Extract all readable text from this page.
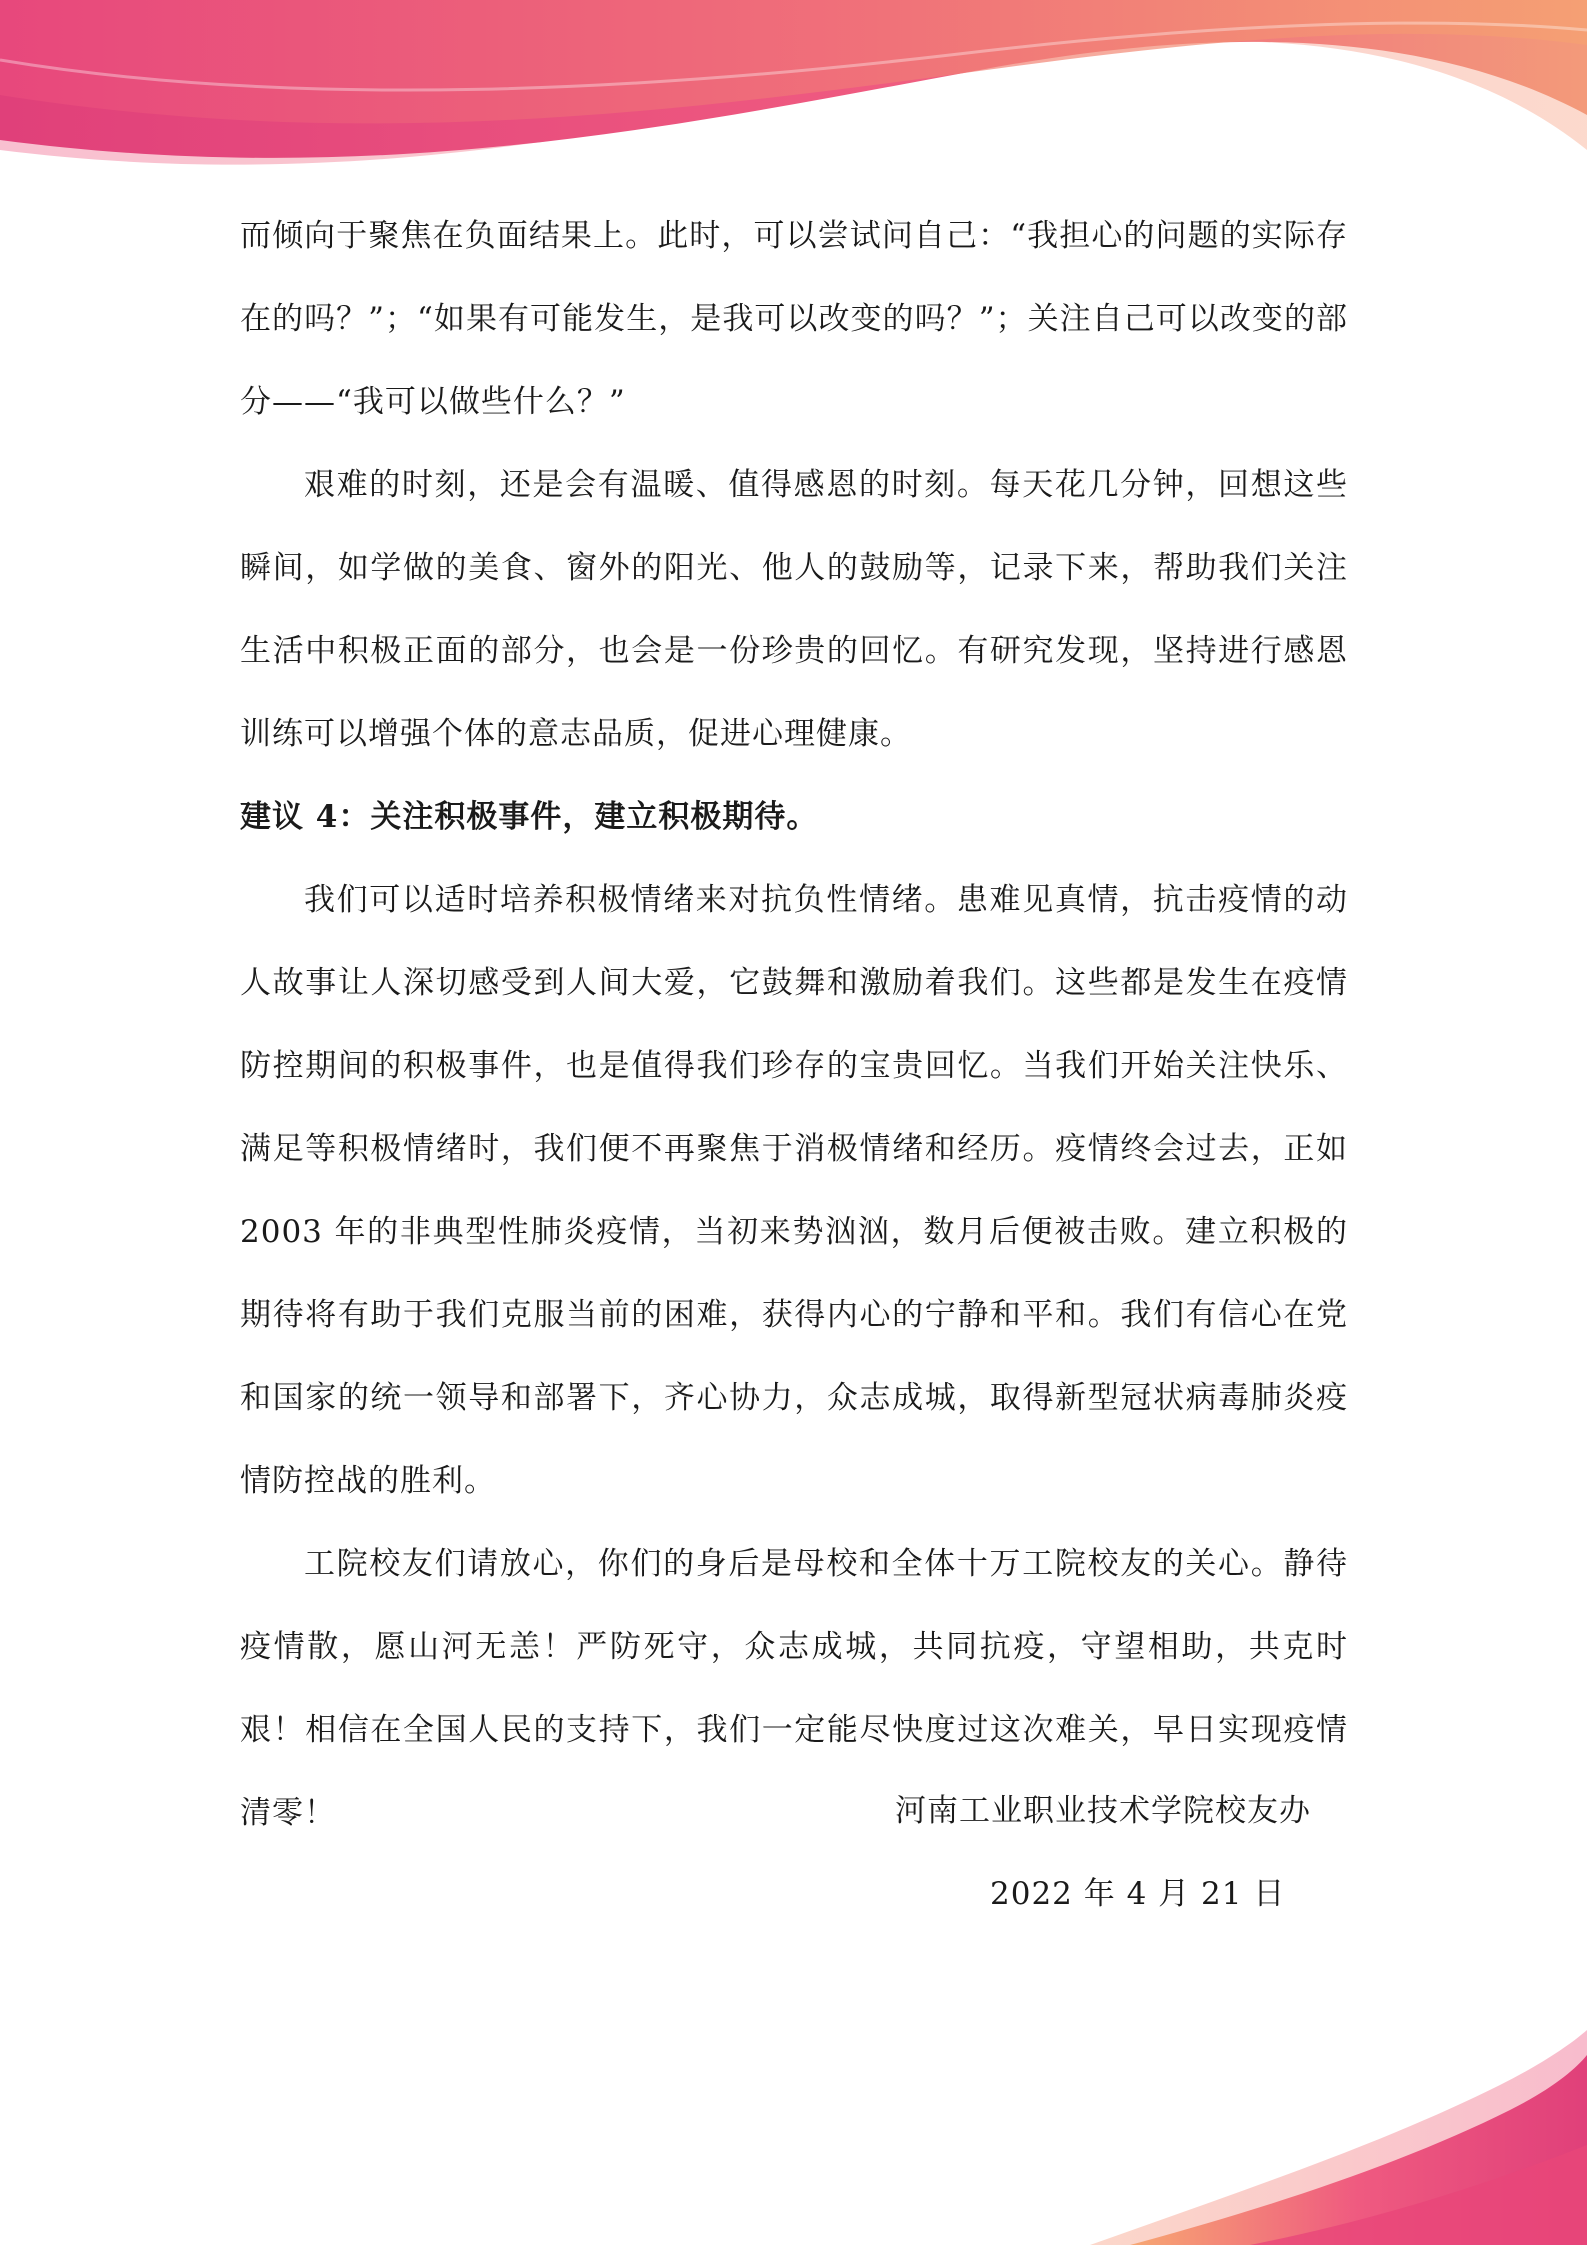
而倾向于聚焦在负面结果上。此时，可以尝试问自己：“我担心的问题的实际存在的吗？”；“如果有可能发生，是我可以改变的吗？”；关注自己可以改变的部分——“我可以做些什么？”

艰难的时刻，还是会有温暖、值得感恩的时刻。每天花几分钟，回想这些瞬间，如学做的美食、窗外的阳光、他人的鼓励等，记录下来，帮助我们关注生活中积极正面的部分，也会是一份珍贵的回忆。有研究发现，坚持进行感恩训练可以增强个体的意志品质，促进心理健康。

建议 4：关注积极事件，建立积极期待。

我们可以适时培养积极情绪来对抗负性情绪。患难见真情，抗击疫情的动人故事让人深切感受到人间大爱，它鼓舞和激励着我们。这些都是发生在疫情防控期间的积极事件，也是值得我们珍存的宝贵回忆。当我们开始关注快乐、满足等积极情绪时，我们便不再聚焦于消极情绪和经历。疫情终会过去，正如 2003 年的非典型性肺炎疫情，当初来势汹汹，数月后便被击败。建立积极的期待将有助于我们克服当前的困难，获得内心的宁静和平和。我们有信心在党和国家的统一领导和部署下，齐心协力，众志成城，取得新型冠状病毒肺炎疫情防控战的胜利。

工院校友们请放心，你们的身后是母校和全体十万工院校友的关心。静待疫情散，愿山河无恙！严防死守，众志成城，共同抗疫，守望相助，共克时艰！相信在全国人民的支持下，我们一定能尽快度过这次难关，早日实现疫情清零！	河南工业职业技术学院校友办
2022 年 4 月 21 日
